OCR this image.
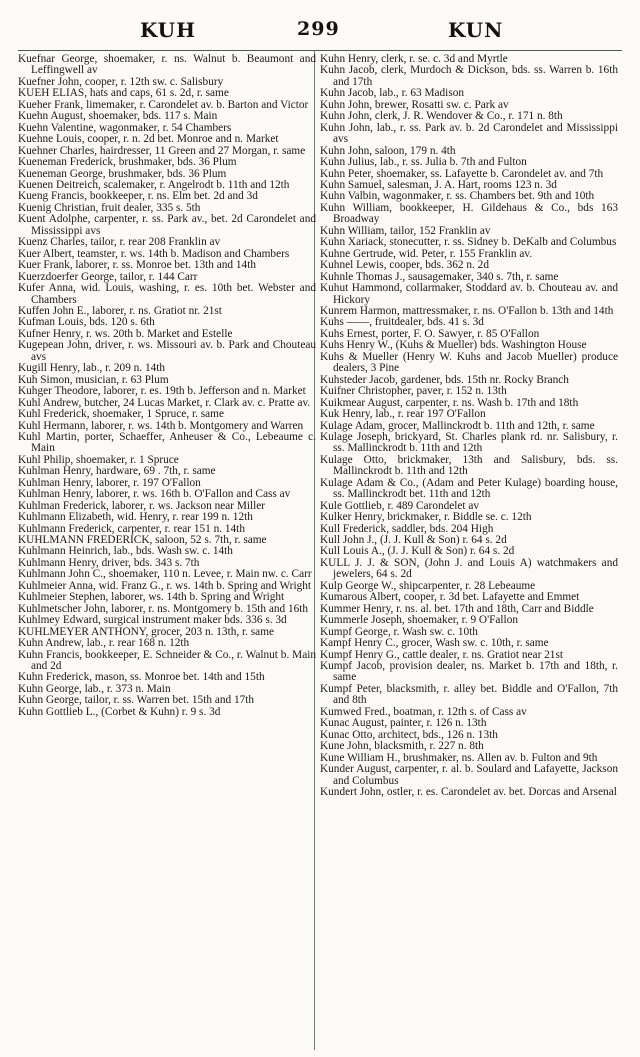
KUH	299	KUN

Kuefnar George, shoemaker, r. ns. Walnut b. Beaumont and Leffingwell av

Kuefner John, cooper, r. 12th sw. c. Salisbury

KUEH ELIAS, hats and caps, 61 s. 2d, r. same

Kueher Frank, limemaker, r. Carondelet av. b. Barton and Victor

Kuehn August, shoemaker, bds. 117 s. Main

Kuehn Valentine, wagonmaker, r. 54 Chambers

Kuehne Louis, cooper, r. n. 2d bet. Monroe and n. Market

Kuehner Charles, hairdresser, 11 Green and 27 Morgan, r. same

Kueneman Frederick, brushmaker, bds. 36 Plum

Kueneman George, brushmaker, bds. 36 Plum

Kuenen Deitreich, scalemaker, r. Angelrodt b. 11th and 12th

Kueng Francis, bookkeeper, r. ns. Elm bet. 2d and 3d

Kuenig Christian, fruit dealer, 335 s. 5th

Kuent Adolphe, carpenter, r. ss. Park av., bet. 2d Carondelet and Mississippi avs

Kuenz Charles, tailor, r. rear 208 Franklin av

Kuer Albert, teamster, r. ws. 14th b. Madison and Chambers

Kuer Frank, laborer, r. ss. Monroe bet. 13th and 14th

Kuerzdoerfer George, tailor, r. 144 Carr

Kufer Anna, wid. Louis, washing, r. es. 10th bet. Webster and Chambers

Kuffen John E., laborer, r. ns. Gratiot nr. 21st

Kufman Louis, bds. 120 s. 6th

Kufner Henry, r. ws. 20th b. Market and Estelle

Kugepean John, driver, r. ws. Missouri av. b. Park and Chouteau avs

Kugill Henry, lab., r. 209 n. 14th

Kuh Simon, musician, r. 63 Plum

Kuhger Theodore, laborer, r. es. 19th b. Jefferson and n. Market

Kuhl Andrew, butcher, 24 Lucas Market, r. Clark av. c. Pratte av.

Kuhl Frederick, shoemaker, 1 Spruce, r. same

Kuhl Hermann, laborer, r. ws. 14th b. Montgomery and Warren

Kuhl Martin, porter, Schaeffer, Anheuser & Co., Lebeaume c. Main

Kuhl Philip, shoemaker, r. 1 Spruce

Kuhlman Henry, hardware, 69 . 7th, r. same

Kuhlman Henry, laborer, r. 197 O'Fallon

Kuhlman Henry, laborer, r. ws. 16th b. O'Fallon and Cass av

Kuhlman Frederick, laborer, r. ws. Jackson near Miller

Kuhlmann Elizabeth, wid. Henry, r. rear 199 n. 12th

Kuhlmann Frederick, carpenter, r. rear 151 n. 14th

KUHLMANN FREDERICK, saloon, 52 s. 7th, r. same

Kuhlmann Heinrich, lab., bds. Wash sw. c. 14th

Kuhlmann Henry, driver, bds. 343 s. 7th

Kuhlmann John C., shoemaker, 110 n. Levee, r. Main nw. c. Carr

Kuhlmeier Anna, wid. Franz G., r. ws. 14th b. Spring and Wright

Kuhlmeier Stephen, laborer, ws. 14th b. Spring and Wright

Kuhlmetscher John, laborer, r. ns. Montgomery b. 15th and 16th

Kuhlmey Edward, surgical instrument maker bds. 336 s. 3d

KUHLMEYER ANTHONY, grocer, 203 n. 13th, r. same

Kuhn Andrew, lab., r. rear 168 n. 12th

Kuhn Francis, bookkeeper, E. Schneider & Co., r. Walnut b. Main and 2d

Kuhn Frederick, mason, ss. Monroe bet. 14th and 15th

Kuhn George, lab., r. 373 n. Main

Kuhn George, tailor, r. ss. Warren bet. 15th and 17th

Kuhn Gottlieb L., (Corbet & Kuhn) r. 9 s. 3d

Kuhn Henry, clerk, r. se. c. 3d and Myrtle

Kuhn Jacob, clerk, Murdoch & Dickson, bds. ss. Warren b. 16th and 17th

Kuhn Jacob, lab., r. 63 Madison

Kuhn John, brewer, Rosatti sw. c. Park av

Kuhn John, clerk, J. R. Wendover & Co., r. 171 n. 8th

Kuhn John, lab., r. ss. Park av. b. 2d Carondelet and Mississippi avs

Kuhn John, saloon, 179 n. 4th

Kuhn Julius, lab., r. ss. Julia b. 7th and Fulton

Kuhn Peter, shoemaker, ss. Lafayette b. Carondelet av. and 7th

Kuhn Samuel, salesman, J. A. Hart, rooms 123 n. 3d

Kuhn Valbin, wagonmaker, r. ss. Chambers bet. 9th and 10th

Kuhn William, bookkeeper, H. Gildehaus & Co., bds 163 Broadway

Kuhn William, tailor, 152 Franklin av

Kuhn Xariack, stonecutter, r. ss. Sidney b. DeKalb and Columbus

Kuhne Gertrude, wid. Peter, r. 155 Franklin av.

Kuhnel Lewis, cooper, bds. 362 n. 2d

Kuhnle Thomas J., sausagemaker, 340 s. 7th, r. same

Kuhut Hammond, collarmaker, Stoddard av. b. Chouteau av. and Hickory

Kunrem Harmon, mattressmaker, r. ns. O'Fallon b. 13th and 14th

Kuhs ——, fruitdealer, bds. 41 s. 3d

Kuhs Ernest, porter, F. O. Sawyer, r. 85 O'Fallon

Kuhs Henry W., (Kuhs & Mueller) bds. Washington House

Kuhs & Mueller (Henry W. Kuhs and Jacob Mueller) produce dealers, 3 Pine

Kuhsteder Jacob, gardener, bds. 15th nr. Rocky Branch

Kuifner Christopher, paver, r. 152 n. 13th

Kuikmear August, carpenter, r. ns. Wash b. 17th and 18th

Kuk Henry, lab., r. rear 197 O'Fallon

Kulage Adam, grocer, Mallinckrodt b. 11th and 12th, r. same

Kulage Joseph, brickyard, St. Charles plank rd. nr. Salisbury, r. ss. Mallinckrodt b. 11th and 12th

Kulage Otto, brickmaker, 13th and Salisbury, bds. ss. Mallinckrodt b. 11th and 12th

Kulage Adam & Co., (Adam and Peter Kulage) boarding house, ss. Mallinckrodt bet. 11th and 12th

Kule Gottlieb, r. 489 Carondelet av

Kulker Henry, brickmaker, r. Biddle se. c. 12th

Kull Frederick, saddler, bds. 204 High

Kull John J., (J. J. Kull & Son) r. 64 s. 2d

Kull Louis A., (J. J. Kull & Son) r. 64 s. 2d

KULL J. J. & SON, (John J. and Louis A) watchmakers and jewelers, 64 s. 2d

Kulp George W., shipcarpenter, r. 28 Lebeaume

Kumarous Albert, cooper, r. 3d bet. Lafayette and Emmet

Kummer Henry, r. ns. al. bet. 17th and 18th, Carr and Biddle

Kummerle Joseph, shoemaker, r. 9 O'Fallon

Kumpf George, r. Wash sw. c. 10th

Kampf Henry C., grocer, Wash sw. c. 10th, r. same

Kumpf Henry G., cattle dealer, r. ns. Gratiot near 21st

Kumpf Jacob, provision dealer, ns. Market b. 17th and 18th, r. same

Kumpf Peter, blacksmith, r. alley bet. Biddle and O'Fallon, 7th and 8th

Kumwed Fred., boatman, r. 12th s. of Cass av

Kunac August, painter, r. 126 n. 13th

Kunac Otto, architect, bds., 126 n. 13th

Kune John, blacksmith, r. 227 n. 8th

Kune William H., brushmaker, ns. Allen av. b. Fulton and 9th

Kunder August, carpenter, r. al. b. Soulard and Lafayette, Jackson and Columbus

Kundert John, ostler, r. es. Carondelet av. bet. Dorcas and Arsenal
